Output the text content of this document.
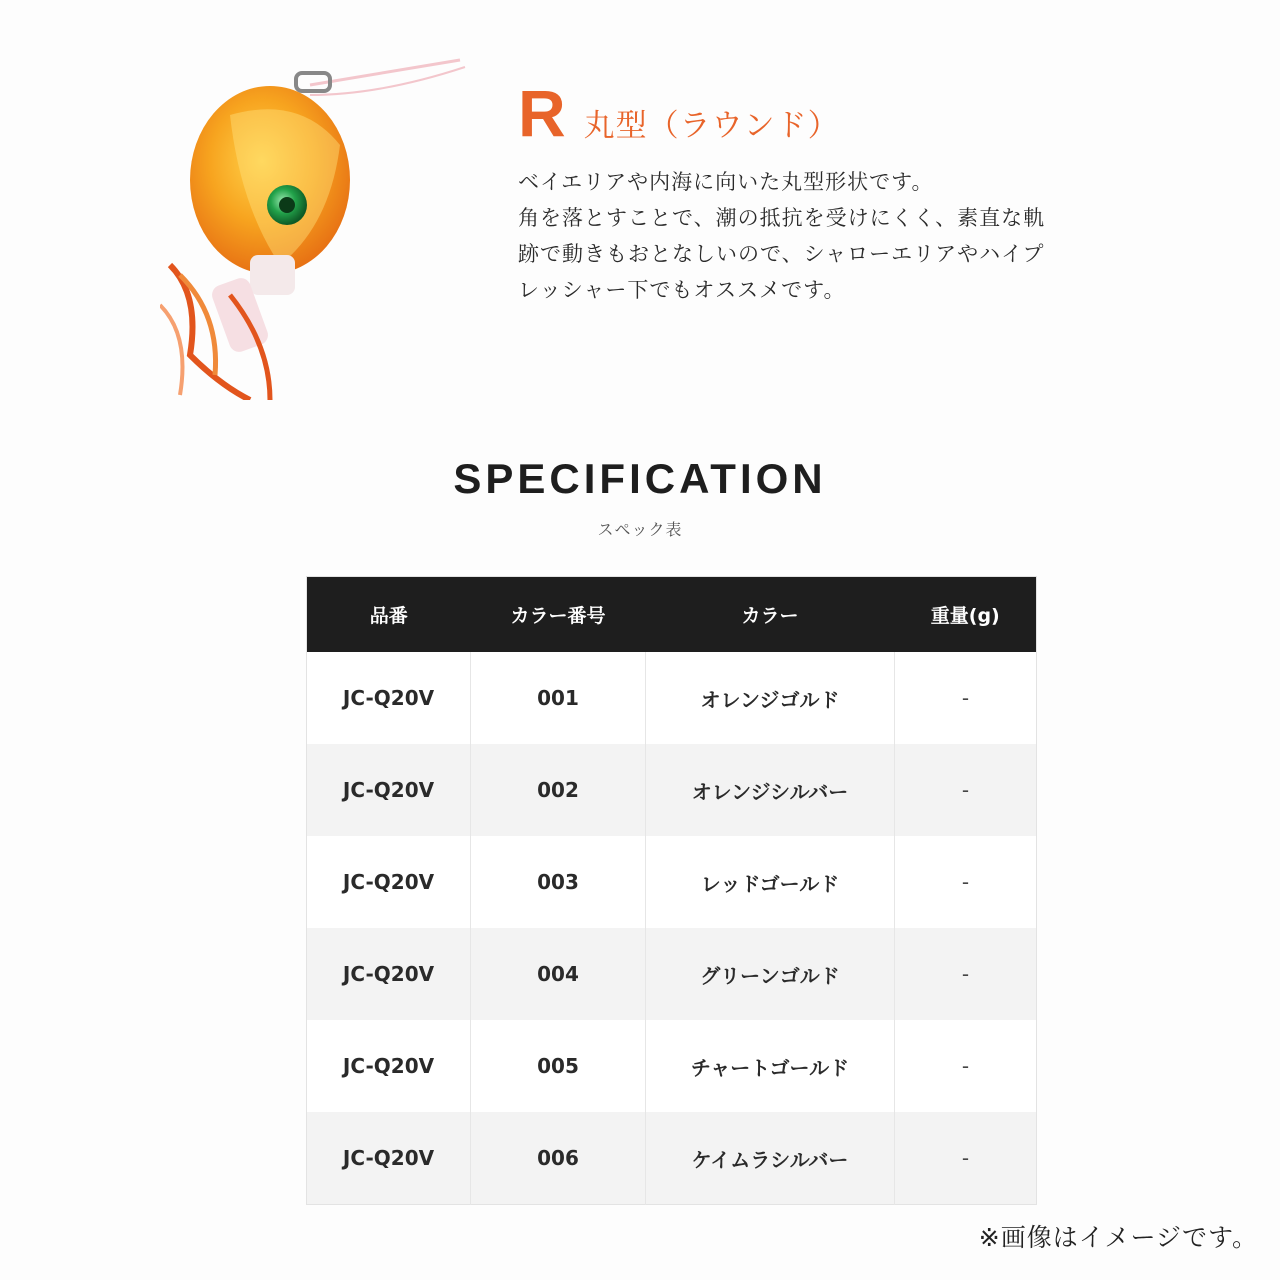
R 丸型（ラウンド）
ベイエリアや内海に向いた丸型形状です。
角を落とすことで、潮の抵抗を受けにくく、素直な軌
跡で動きもおとなしいので、シャローエリアやハイプ
レッシャー下でもオススメです。
SPECIFICATION
スペック表
品番	カラー番号	カラー	重量(g)
JC-Q20V	001	オレンジゴルド	-
JC-Q20V	002	オレンジシルバー	-
JC-Q20V	003	レッドゴールド	-
JC-Q20V	004	グリーンゴルド	-
JC-Q20V	005	チャートゴールド	-
JC-Q20V	006	ケイムラシルバー	-
※画像はイメージです。
